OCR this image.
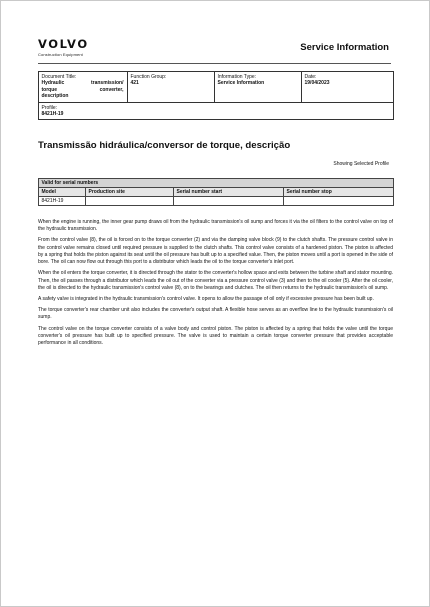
VOLVO
Construction Equipment
Service Information
Document Title:
Hydraulic transmission/
torque converter,
description

Function Group:
421

Information Type:
Service Information

Date:
19/04/2023

Profile:
8421H-19
Transmissão hidráulica/conversor de torque, descrição
Showing Selected Profile
Valid for serial numbers			
Model	Production site	Serial number start	Serial number stop
8421H-19			

When the engine is running, the inner gear pump draws oil from the hydraulic transmission's oil sump and forces it via the oil filters to the control valve on top of the hydraulic transmission.

From the control valve (8), the oil is forced on to the torque converter (2) and via the damping valve block (9) to the clutch shafts. The pressure control valve in the control valve remains closed until required pressure is supplied to the clutch shafts. This control valve consists of a hardened piston. The piston is affected by a spring that holds the piston against its seat until the oil pressure has built up to a specified value. Then, the piston moves until a port is opened in the side of bore. The oil can now flow out through this port to a distributor which leads the oil to the torque converter's inlet port.

When the oil enters the torque converter, it is directed through the stator to the converter's hollow space and exits between the turbine shaft and stator mounting. Then, the oil passes through a distributor which leads the oil out of the converter via a pressure control valve (3) and then to the oil cooler (5). After the oil cooler, the oil is directed to the hydraulic transmission's control valve (8), on to the bearings and clutches. The oil then returns to the hydraulic transmission's oil sump.

A safety valve is integrated in the hydraulic transmission's control valve. It opens to allow the passage of oil only if excessive pressure has been built up.

The torque converter's rear chamber unit also includes the converter's output shaft. A flexible hose serves as an overflow line to the hydraulic transmission's oil sump.

The control valve on the torque converter consists of a valve body and control piston. The piston is affected by a spring that holds the valve until the torque converter's oil pressure has built up to specified pressure. The valve is used to maintain a certain torque converter pressure that provides acceptable performance in all conditions.
